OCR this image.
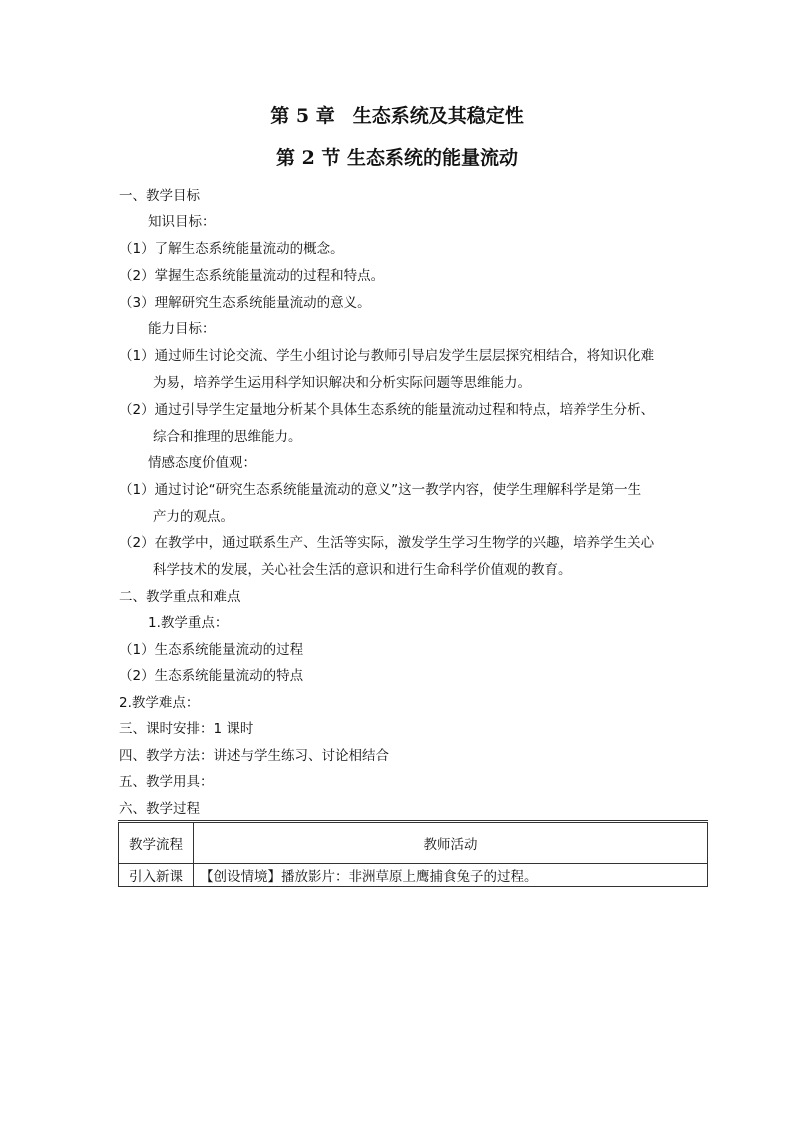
第 5 章 生态系统及其稳定性
第 2 节 生态系统的能量流动
一、教学目标
知识目标：
（1）了解生态系统能量流动的概念。
（2）掌握生态系统能量流动的过程和特点。
（3）理解研究生态系统能量流动的意义。
能力目标：
（1）通过师生讨论交流、学生小组讨论与教师引导启发学生层层探究相结合，将知识化难
为易，培养学生运用科学知识解决和分析实际问题等思维能力。
（2）通过引导学生定量地分析某个具体生态系统的能量流动过程和特点，培养学生分析、
综合和推理的思维能力。
情感态度价值观：
（1）通过讨论“研究生态系统能量流动的意义”这一教学内容，使学生理解科学是第一生
产力的观点。
（2）在教学中，通过联系生产、生活等实际，激发学生学习生物学的兴趣，培养学生关心
科学技术的发展，关心社会生活的意识和进行生命科学价值观的教育。
二、教学重点和难点
1.教学重点：
（1）生态系统能量流动的过程
（2）生态系统能量流动的特点
2.教学难点：
三、课时安排：1 课时
四、教学方法：讲述与学生练习、讨论相结合
五、教学用具：
六、教学过程
教学流程	教师活动
引入新课	【创设情境】播放影片：非洲草原上鹰捕食兔子的过程。
